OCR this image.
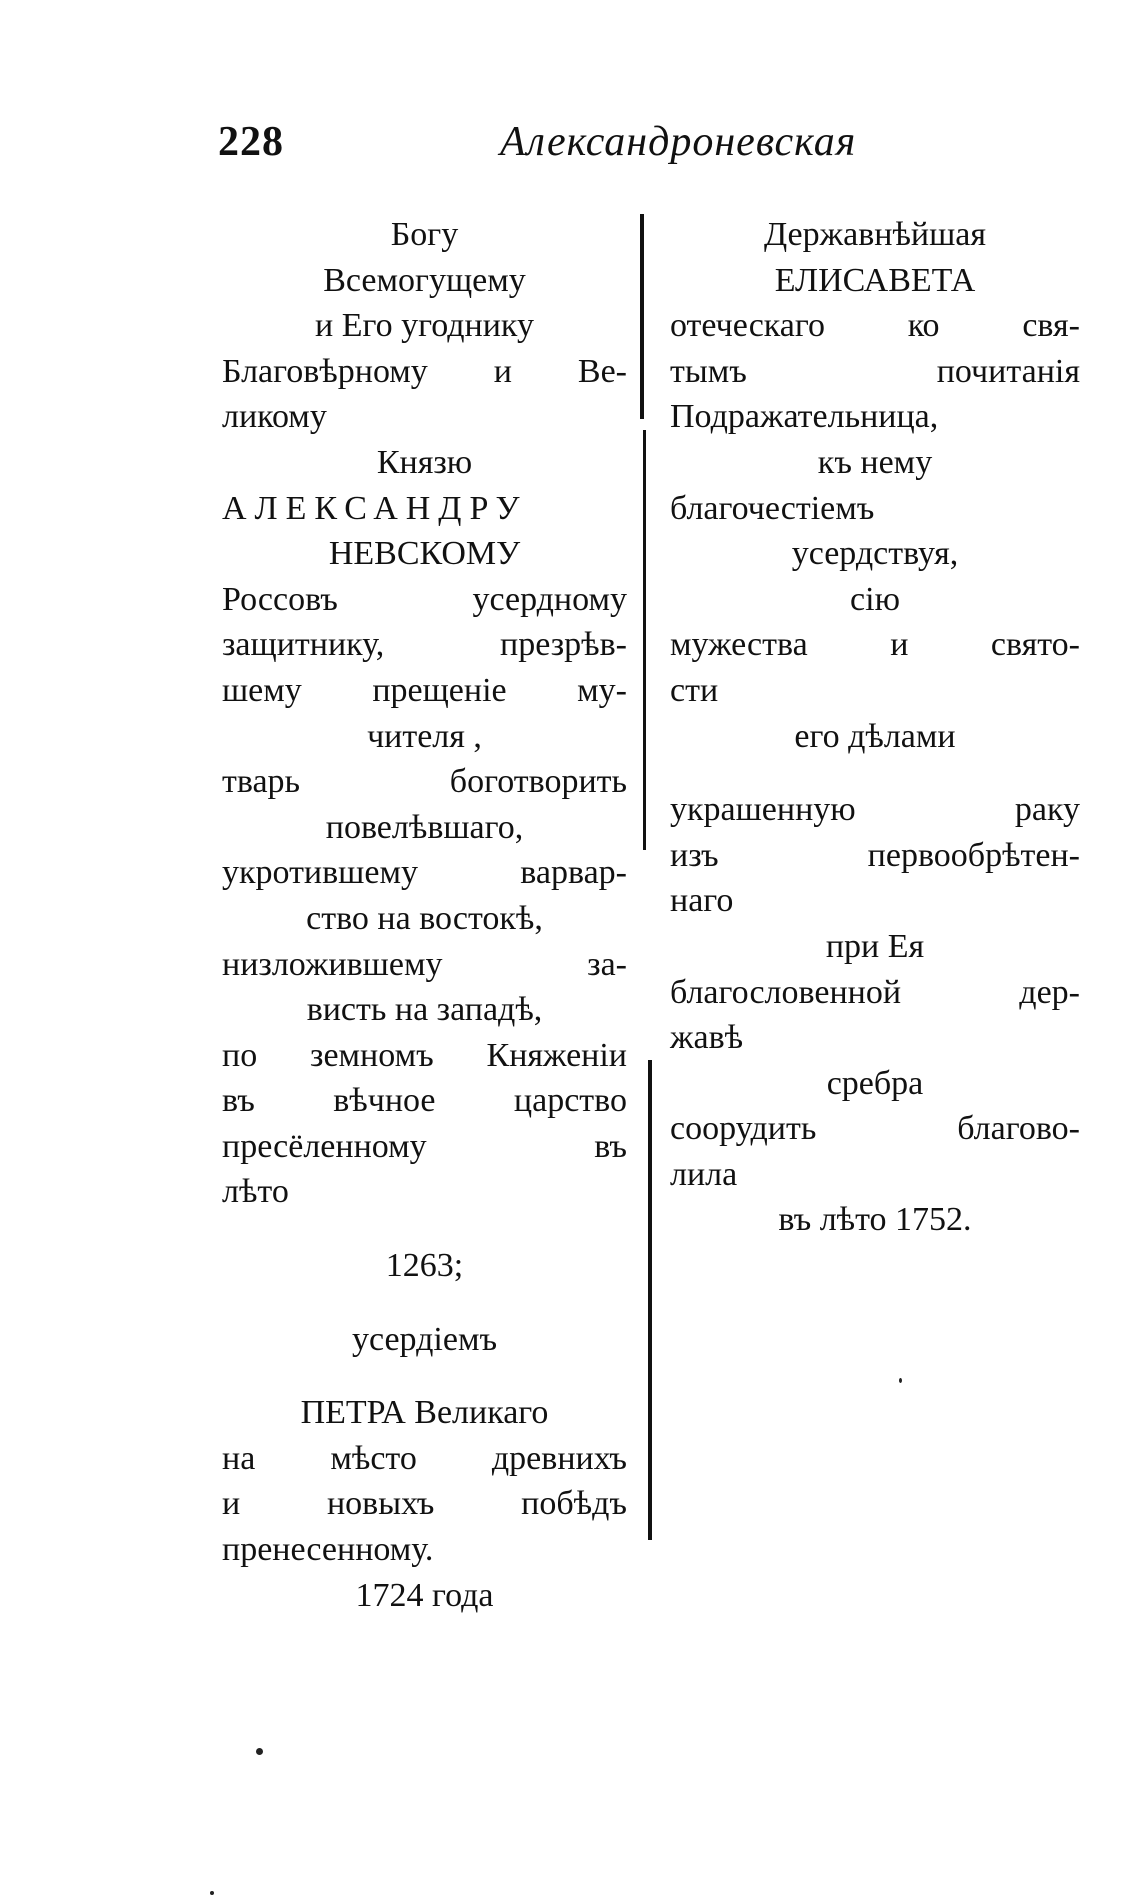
228	Александроневская
Богу
Всемогущему
и Его угоднику
Благовѣрному и Ве-
ликому
Князю
АЛЕКСАНДРУ
НЕВСКОМУ
Россовъ усердному
защитнику, презрѣв-
шему прещеніе му-
чителя ,
тварь боготворить
повелѣвшаго,
укротившему варвар-
ство на востокѣ,
низложившему за-
висть на западѣ,
по земномъ Княженіи
въ вѣчное царство
пресёленному въ
лѣто
1263;
усердіемъ
ПЕТРА Великаго
на мѣсто древнихъ
и новыхъ побѣдъ
пренесенному.
1724 года
Державнѣйшая
ЕЛИСАВЕТА
отеческаго ко свя-
тымъ почитанія
Подражательница,
къ нему
благочестіемъ
усердствуя,
сію
мужества и свято-
сти
его дѣлами
украшенную раку
изъ первообрѣтен-
наго
при Ея
благословенной дер-
жавѣ
сребра
соорудить благово-
лила
въ лѣто 1752.
